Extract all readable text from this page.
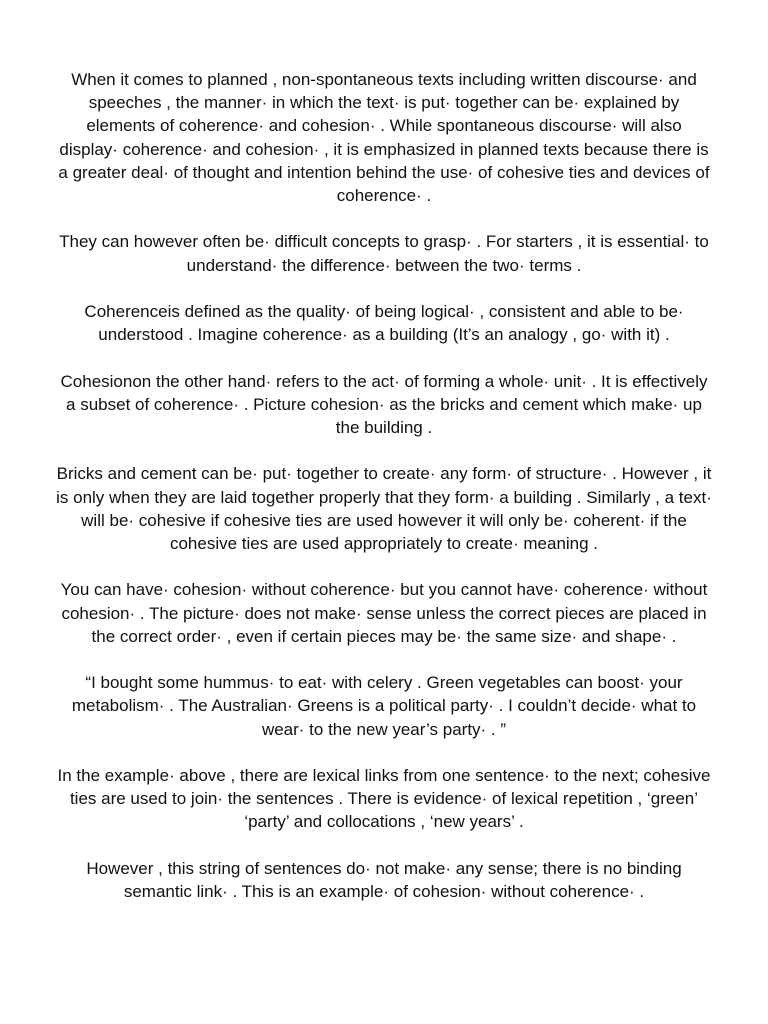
When it comes to planned , non-spontaneous texts including written discourse· and speeches , the manner· in which the text· is put· together can be· explained by elements of coherence· and cohesion· . While spontaneous discourse· will also display· coherence· and cohesion· , it is emphasized in planned texts because there is a greater deal· of thought and intention behind the use· of cohesive ties and devices of coherence· .

They can however often be· difficult concepts to grasp· . For starters , it is essential· to understand· the difference· between the two· terms .

Coherenceis defined as the quality· of being logical· , consistent and able to be· understood . Imagine coherence· as a building (It’s an analogy , go· with it) .

Cohesionon the other hand· refers to the act· of forming a whole· unit· . It is effectively a subset of coherence· . Picture cohesion· as the bricks and cement which make· up the building .

Bricks and cement can be· put· together to create· any form· of structure· . However , it is only when they are laid together properly that they form· a building . Similarly , a text· will be· cohesive if cohesive ties are used however it will only be· coherent· if the cohesive ties are used appropriately to create· meaning .

You can have· cohesion· without coherence· but you cannot have· coherence· without cohesion· . The picture· does not make· sense unless the correct pieces are placed in the correct order· , even if certain pieces may be· the same size· and shape· .

“I bought some hummus· to eat· with celery . Green vegetables can boost· your metabolism· . The Australian· Greens is a political party· . I couldn’t decide· what to wear· to the new year’s party· . ”

In the example· above , there are lexical links from one sentence· to the next; cohesive ties are used to join· the sentences . There is evidence· of lexical repetition , ‘green’ ‘party’ and collocations , ‘new years’ .

However , this string of sentences do· not make· any sense; there is no binding semantic link· . This is an example· of cohesion· without coherence· .
